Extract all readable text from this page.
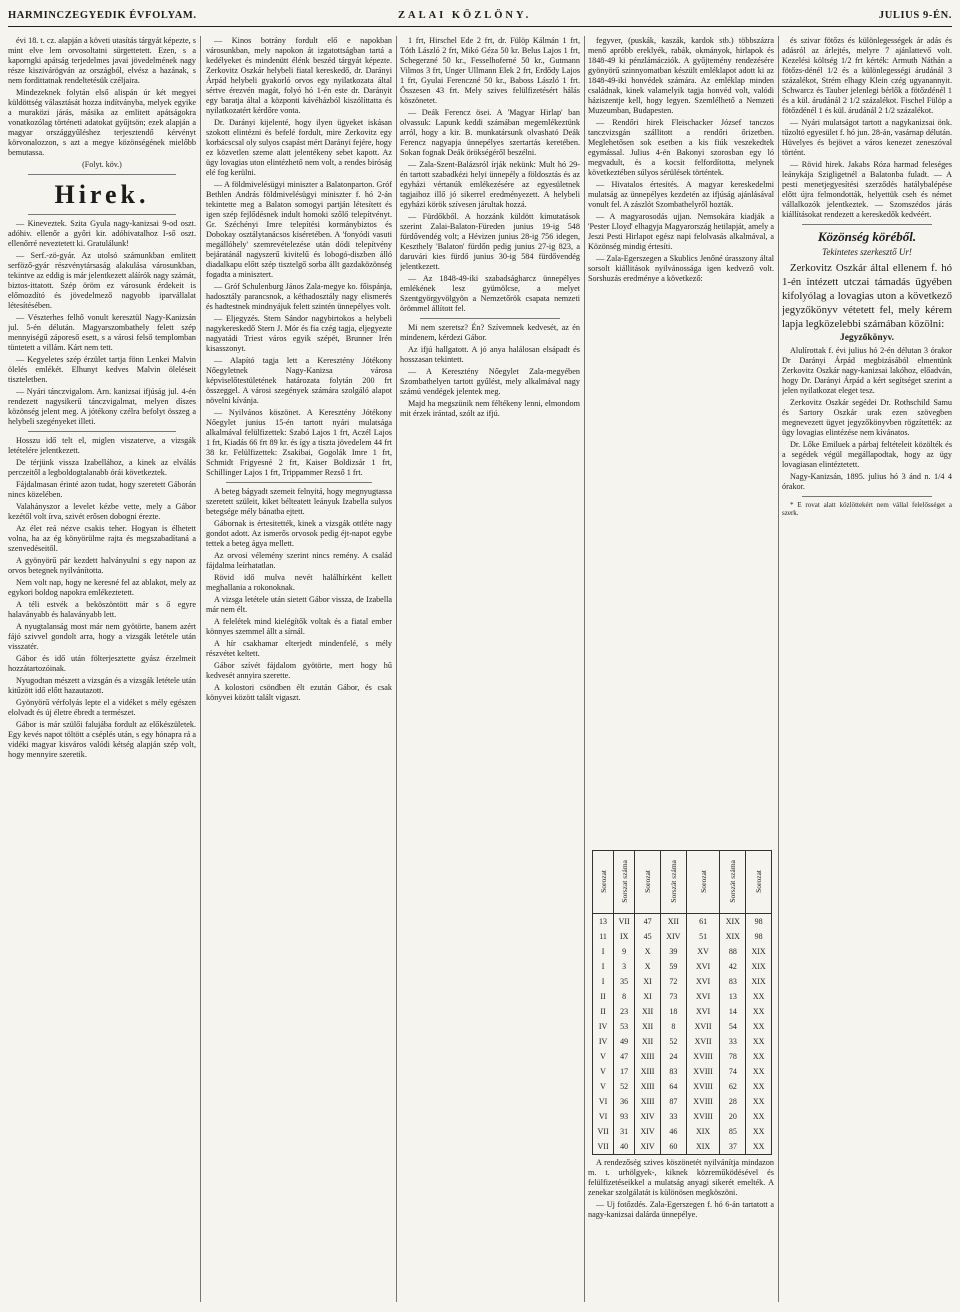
HARMINCZEGYEDIK ÉVFOLYAM.	ZALAI KÖZLÖNY.	JULIUS 9-ÉN.

évi 18. t. cz. alapján a követi utasítás tárgyát képezte, s mint elve lem orvosoltatni sürgettetett. Ezen, s a kaporngki apátság terjedelmes javai jövedelmének nagy része kiszivárögván az országból, elvész a hazának, s nem fordittatnak rendeltetésük czéljaira.

Mindezeknek folytán első alispán úr két megyei küldöttség választását hozza indítványba, melyek egyike a muraközi járás, másika az emlitett apátságokra vonatkozólag történeti adatokat gyűjtsön; ezek alapján a magyar országgyűléshez terjesztendő kérvényt körvonalozzon, s azt a megye közönségének mielőbb bemutassa.

(Folyt. köv.)
Hirek.

— Kineveztek. Szita Gyula nagy-kanizsai 9-od oszt. adóhiv. ellenőr a győri kir. adóhivatalhoz I-ső oszt. ellenőrré neveztetett ki. Gratulálunk!

— Serf.-zö-gyár. Az utolsó számunkban emlitett serföző-gyár részvénytársaság alakulása városunkban, tekintve az eddig is már jelentkezett aláírók nagy számát, biztos-ittatott. Szép öröm ez városunk érdekeit is előmozdító és jövedelmező nagyobb iparvállalat létesítésében.

— Vészterhes felhő vonult keresztül Nagy-Kanizsán jul. 5-én délután. Magyarszombathely felett szép mennyiségű záporeső esett, s a városi felső templomban tüntetett a villám. Kárt nem tett.

— Kegyeletes szép érzület tartja fönn Lenkei Malvin ölelés emlékét. Elhunyt kedves Malvin öleléseit tiszteletben.

— Nyári tánczvigalom. Arn. kanizsai ifjúság jul. 4-én rendezett nagysikerű tánczvigalmat, melyen díszes közönség jelent meg. A jótékony czélra befolyt összeg a helybeli szegényeket illeti.

Hosszu idő telt el, miglen viszaterve, a vizsgák letételére jelentkezett.

De térjünk vissza Izabellához, a kinek az elválás perczeitől a legboldogtalanabb órái következtek.

Fájdalmasan érinté azon tudat, hogy szeretett Gáborán nincs közelében.

Valahányszor a levelet kézbe vette, mely a Gábor kezétől volt írva, szivét erősen dobogni érezte.

Az élet reá nézve csakis teher. Hogyan is élhetett volna, ha az ég könyörülme rajta és megszabadítaná a szenvedéseitől.

A gyönyörű pár kezdett halványulni s egy napon az orvos betegnek nyilvánította.

Nem volt nap, hogy ne keresné fel az ablakot, mely az egykori boldog napokra emlékeztetett.

A téli estvék a beköszöntött már s ő egyre halaványabb és halaványabb lett.

A nyugtalanság most már nem gyötörte, banem azért fájó szivvel gondolt arra, hogy a vizsgák letétele után visszatér.

Gábor és idő után fölterjesztette gyász érzelmeit hozzátartozóinak.

Nyugodtan mészett a vizsgán és a vizsgák letétele után kitűzött idő előtt hazautazott.

Gyönyörű vérfolyás lepte el a vidéket s mély egészen elolvadt és új életre ébredt a természet.

Gábor is már szülői falujába fordult az előkészületek. Egy kevés napot töltött a cséplés után, s egy hónapra rá a vidéki magyar kisváros valódi kétség alapján szép volt, hogy mennyire szeretik.

— Kinos botrány fordult elő e napokban városunkban, mely napokon át izgatottságban tartá a kedélyeket és mindenütt élénk beszéd tárgyát képezte. Zerkovitz Oszkár helybeli fiatal kereskedő, dr. Darányi Árpád helybeli gyakorló orvos egy nyilatkozata által sértve érezvén magát, folyó hó 1-én este dr. Darányit egy baratja által a központi kávéházból kiszólíttatta és nyilatkozatért kérdőre vonta.

Dr. Darányi kijelenté, hogy ilyen ügyeket iskásan szokott elintézni és befelé fordult, mire Zerkovitz egy korbácscsal oly sulyos csapást mért Darányi fejére, hogy ez közvetlen szeme alatt jelentékeny sebet kapott. Az ügy lovagias uton elintézhető nem volt, a rendes biróság elé fog kerülni.

— A földmivelésügyi miniszter a Balatonparton. Gróf Bethlen András földmivelésügyi miniszter f. hó 2-án tekintette meg a Balaton somogyi partján létesített és igen szép fejlődésnek indult homoki szőlő telepítvényt. Gr. Széchényi Imre telepítési kormánybiztos és Dobokay osztálytanácsos kiséretében. A 'fonyódi vasuti megállóhely' szemrevételezése után dódi telepítvény bejáratánál nagyszerű kivitelű és lobogó-diszben álló diadalkapu előtt szép tisztelgő sorba állt gazdaközönség fogadta a minisztert.

— Gróf Schulenburg János Zala-megye ko. főispánja, hadosztály parancsnok, a kéthadosztály nagy elismerés és hadtestnek mindnyájuk felett szintén ünnepélyes volt.

— Eljegyzés. Stern Sándor nagybirtokos a helybeli nagykereskedő Stern J. Mór és fia czég tagja, eljegyezte nagyatádi Triest város egyik szépét, Brunner Irén kisasszonyt.

— Alapító tagja lett a Keresztény Jótékony Nőegyletnek Nagy-Kanizsa városa képviselőtestületének határozata folytán 200 frt összeggel. A városi szegények számára szolgáló alapot növelni kívánja.

— Nyilvános köszönet. A Keresztény Jótékony Nőegylet junius 15-én tartott nyári mulatsága alkalmával felülfizettek: Szabó Lajos 1 frt, Aczél Lajos 1 frt, Kiadás 66 frt 89 kr. és így a tiszta jövedelem 44 frt 38 kr. Felülfizettek: Zsakibai, Gogolák Imre 1 frt, Schmidt Frigyesné 2 frt, Kaiser Boldizsár 1 frt, Schillinger Lajos 1 frt, Trippammer Rezső 1 frt.

A beteg bágyadt szemeit felnyitá, hogy megnyugtassa szeretett szüleit, kiket bélteatett leányuk Izabella sulyos betegsége mély bánatba ejtett.

Gábornak is értesitették, kinek a vizsgák ottléte nagy gondot adott. Az ismerős orvosok pedig éjt-napot egybe tettek a beteg ágya mellett.

Az orvosi vélemény szerint nincs remény. A család fájdalma leírhatatlan.

Rövid idő mulva nevét halálhírként kellett meghallania a rokonoknak.

A vizsga letétele után sietett Gábor vissza, de Izabella már nem élt.

A felelétek mind kielégítők voltak és a fiatal ember könnyes szemmel állt a sírnál.

A hír csakhamar elterjedt mindenfelé, s mély részvétet keltett.

Gábor szívét fájdalom gyötörte, mert hogy hű kedvesét annyira szerette.

A kolostori csöndben élt ezután Gábor, és csak könyvei között talált vigaszt.

1 frt, Hirschel Ede 2 frt, dr. Fülöp Kálmán 1 frt, Tóth László 2 frt, Mikó Géza 50 kr. Belus Lajos 1 frt, Schegerzné 50 kr., Fesselhoferné 50 kr., Gutmann Vilmos 3 frt, Unger Ullmann Elek 2 frt, Erdődy Lajos 1 frt, Gyulai Ferenczné 50 kr., Baboss László 1 frt. Összesen 43 frt. Mely szives felülfizetésért hálás köszönetet.

— Deák Ferencz ösei. A 'Magyar Hirlap' ban olvassuk: Lapunk keddi számában megemlékeztünk arról, hogy a kir. B. munkatársunk olvasható Deák Ferencz nagyapja ünnepélyes szertartás keretében. Sokan fognak Deák örökségéről beszélni.

— Zala-Szent-Balázsról írják nekünk: Mult hó 29-én tartott szabadkézi helyi ünnepély a földosztás és az egyházi vértanúk emlékezésére az egyesületnek tagjaihoz illő jó sikerrel eredményezett. A helybeli egyházi körök szívesen járultak hozzá.

— Fürdőkből. A hozzánk küldött kimutatások szerint Zalai-Balaton-Füreden junius 19-ig 548 fürdővendég volt; a Hévizen junius 28-ig 756 idegen, Keszthely 'Balaton' fürdőn pedig junius 27-ig 823, a daruvári kies fürdő junius 30-ig 584 fürdővendég jelentkezett.

— Az 1848-49-iki szabadságharcz ünnepélyes emlékének lesz gyümölcse, a melyet Szentgyörgyvölgyön a Nemzetőrök csapata nemzeti örömmel állított fel.

Mi nem szeretsz? Én? Szívemnek kedvesét, az én mindenem, kérdezi Gábor.

Az ifjú hallgatott. A jó anya halálosan elsápadt és hosszasan tekintett.

— A Keresztény Nőegylet Zala-megyében Szombathelyen tartott gyűlést, mely alkalmával nagy számú vendégek jelentek meg.

Majd ha megszünik nem féltékeny lenni, elmondom mit érzek irántad, szólt az ifjú.

fegyver, (puskák, kaszák, kardok stb.) többszázra menő apróbb ereklyék, rabák, okmányok, hirlapok és 1848-49 ki pénzlámácziók. A gyűjtemény rendezésére gyönyörű szinnyomatban készült emléklapot adott ki az 1848-49-iki honvédek számára. Az emléklap minden családnak, kinek valamelyik tagja honvéd volt, valódi háziszentje kell, hogy legyen. Szemlélhető a Nemzeti Muzeumban, Budapesten.

— Rendőri hirek Fleischacker József tanczos tanczvizsgán szállitott a rendőri őrizetben. Meglehetősen sok esetben a kis fiúk veszekedtek egymással. Julius 4-én Bakonyi szorosban egy ló megvadult, és a kocsit felfordította, melynek következtében súlyos sérülések történtek.

— Hivatalos értesités. A magyar kereskedelmi mulatság az ünnepélyes kezdetén az ifjúság ajánlásával vonult fel. A zászlót Szombathelyről hozták.

— A magyarosodás ujjan. Nemsokára kiadják a 'Pester Lloyd' elhagyja Magyarország hetilapját, amely a Jeszi Pesti Hirlapot egész napi felolvasás alkalmával, a Közönség mindig értesíti.

— Zala-Egerszegen a Skublics Jenőné úrasszony által sorsolt kiállitások nyilvánossága igen kedvező volt. Sorshuzás eredménye a következő:

Sorozat	Sorszat száma	Sorozat	Sorszát száma	Sorozat	Sorszát száma	Sorozat
13	VII	47	XII	61	XIX	98
11	IX	45	XIV	51	XIX	98
I	9	X	39	XV	88	XIX
I	3	X	59	XVI	42	XIX
I	35	XI	72	XVI	83	XIX
II	8	XI	73	XVI	13	XX
II	23	XII	18	XVI	14	XX
IV	53	XII	8	XVII	54	XX
IV	49	XII	52	XVII	33	XX
V	47	XIII	24	XVIII	78	XX
V	17	XIII	83	XVIII	74	XX
V	52	XIII	64	XVIII	62	XX
VI	36	XIII	87	XVIII	28	XX
VI	93	XIV	33	XVIII	20	XX
VII	31	XIV	46	XIX	85	XX
VII	40	XIV	60	XIX	37	XX

A rendezőség szives köszönetét nyilvánítja mindazon m. t. urhölgyek-, kiknek közreműködésével és felülfizetéseikkel a mulatság anyagi sikerét emelték. A zenekar szolgálatát is különösen megköszöni.

— Uj fotőzdés. Zala-Egerszegen f. hó 6-án tartatott a nagy-kanizsai dalárda ünnepélye.

és szivar fötőzs és különlegességek ár adás és adásról az árlejtés, melyre 7 ajánlattevő volt. Kezelési költség 1/2 frt kérték: Armuth Náthán a fötőzs-dénél 1/2 és a különlegességi árudánál 3 százalékot, Strém elhagy Klein czég ugyanannyit. Schwarcz és Tauber jelenlegi bérlők a fötőzdénél 1 és a kül. árudánál 2 1/2 százalékot. Fischel Fülöp a fötőzdénél 1 és kül. árudánál 2 1/2 százalékot.

— Nyári mulatságot tartott a nagykanizsai önk. tűzoltó egyesület f. hó jun. 28-án, vasárnap délután. Hüvelyes és bejövet a város kenezet zeneszóval történt.

— Rövid hirek. Jakabs Róza harmad feleséges leánykája Szigligetnél a Balatonba fuladt. — A pesti menetjegyesítési szerződés hatálybalépése előtt újra felmondották, helyettük cseh és német vállalkozók jelentkeztek. — Szomszédos járás kiállításokat rendezett a kereskedők kedvéért.

Közönség köréből.
Tekintetes szerkesztő Ur!

Zerkovitz Oszkár által ellenem f. hó 1-én intézett utczai támadás ügyében kifolyólag a lovagias uton a következő jegyzőkönyv vétetett fel, mely kérem lapja legközelebbi számában közölni:

Jegyzőkönyv.

Alulírottak f. évi julius hó 2-én délutan 3 órakor Dr Darányi Árpád megbizásából elmentünk Zerkovitz Oszkár nagy-kanizsai lakóhoz, előadván, hogy Dr. Darányi Árpád a kért segítséget szerint a jelen nyilatkozat eleget tesz.

Zerkovitz Oszkár segédei Dr. Rothschild Samu és Sartory Oszkár urak ezen szövegben megnevezett ügyet jegyzőkönyvben rögzítették: az ügy lovagias elintézése nem kívánatos.

Dr. Lőke Emiluek a párbaj feltételeit közölték és a segédek végül megállapodtak, hogy az ügy lovagiasan elintéztetett.

Nagy-Kanizsán, 1895. julius hó 3 ánd n. 1/4 4 órakor.

* E rovat alatt közlöttekért nem vállal felelősséget a szerk.
